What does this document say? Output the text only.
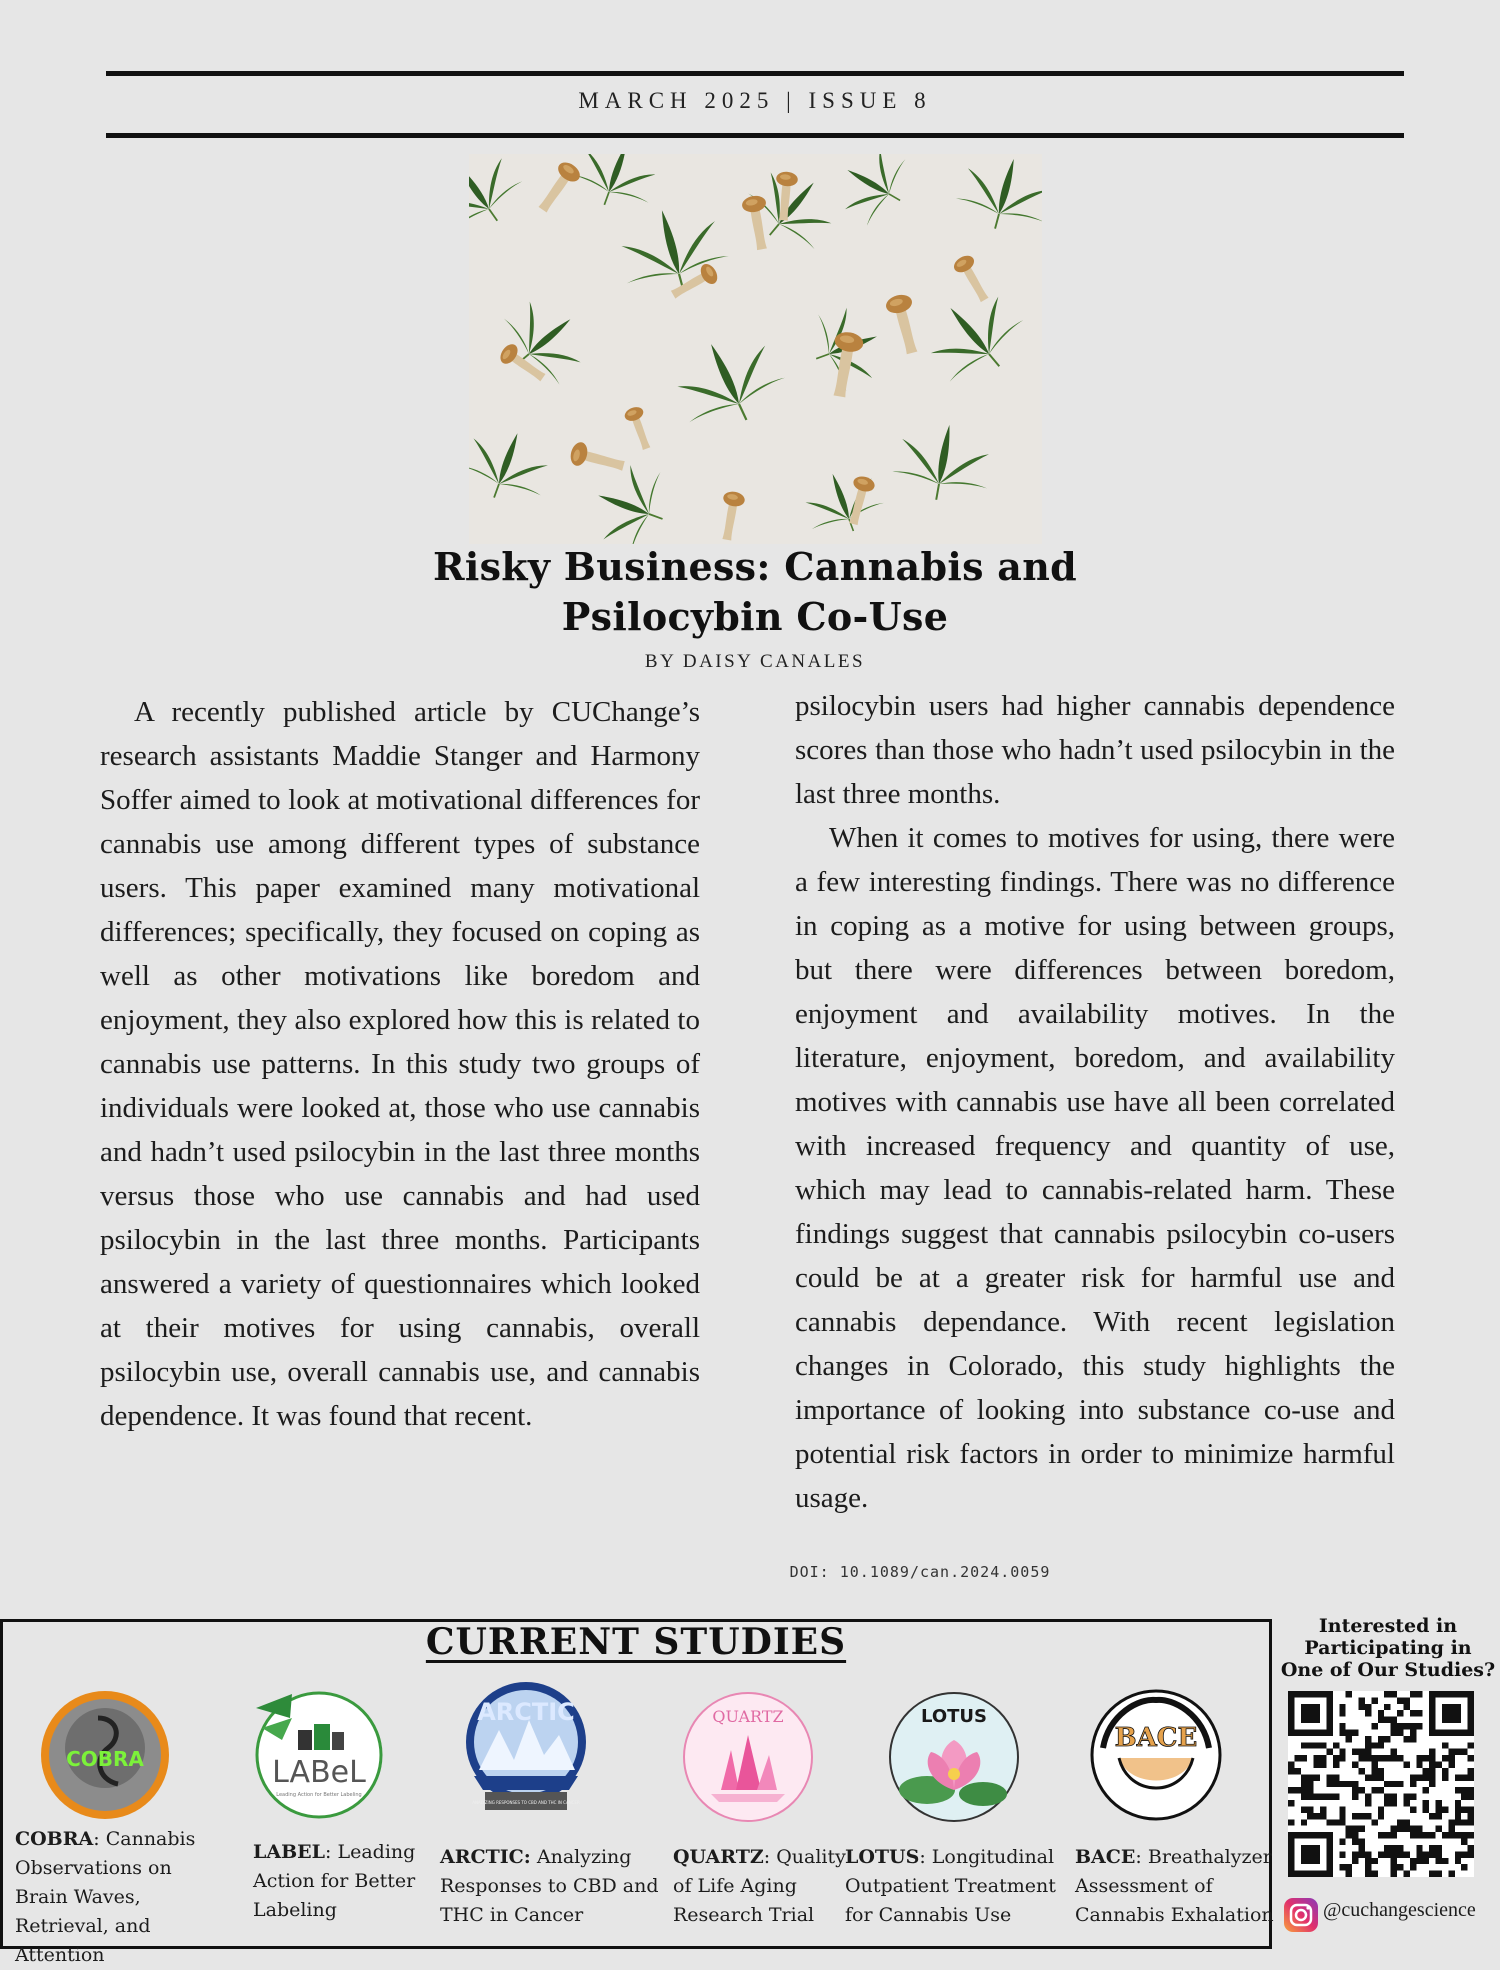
MARCH 2025 | ISSUE 8
Risky Business: Cannabis and
Psilocybin Co-Use
BY DAISY CANALES

A recently published article by CUChange’s research assistants Maddie Stanger and Harmony Soffer aimed to look at motivational differences for cannabis use among different types of substance users. This paper examined many motivational differences; specifically, they focused on coping as well as other motivations like boredom and enjoyment, they also explored how this is related to cannabis use patterns. In this study two groups of individuals were looked at, those who use cannabis and hadn’t used psilocybin in the last three months versus those who use cannabis and had used psilocybin in the last three months. Participants answered a variety of questionnaires which looked at their motives for using cannabis, overall psilocybin use, overall cannabis use, and cannabis dependence. It was found that recent.

psilocybin users had higher cannabis dependence scores than those who hadn’t used psilocybin in the last three months.

When it comes to motives for using, there were a few interesting findings. There was no difference in coping as a motive for using between groups, but there were differences between boredom, enjoyment and availability motives. In the literature, enjoyment, boredom, and availability motives with cannabis use have all been correlated with increased frequency and quantity of use, which may lead to cannabis-related harm. These findings suggest that cannabis psilocybin co-users could be at a greater risk for harmful use and cannabis dependance. With recent legislation changes in Colorado, this study highlights the importance of looking into substance co-use and potential risk factors in order to minimize harmful usage.

DOI: 10.1089/can.2024.0059
CURRENT STUDIES
COBRA	LABeL
Leading Action for Better Labeling
ARCTIC
ANALYZING RESPONSES TO CBD AND THC IN CANCER
QUARTZ	LOTUS
BACE
COBRA: Cannabis Observations on Brain Waves, Retrieval, and Attention
LABEL: Leading Action for Better Labeling
ARCTIC: Analyzing Responses to CBD and THC in Cancer
QUARTZ: Quality of Life Aging Research Trial
LOTUS: Longitudinal Outpatient Treatment for Cannabis Use
BACE: Breathalyzer Assessment of Cannabis Exhalation
Interested in
Participating in
One of Our Studies?
@cuchangescience
